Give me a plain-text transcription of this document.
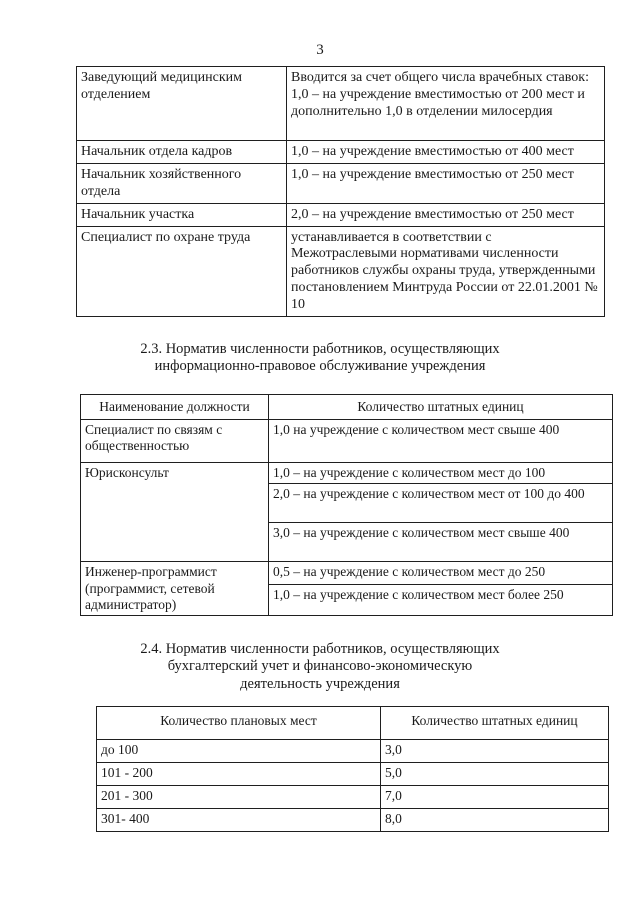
3
Заведующий медицинским отделением	Вводится за счет общего числа врачебных ставок: 1,0 – на учреждение вместимостью от 200 мест и дополнительно 1,0 в отделении милосердия
Начальник отдела кадров	1,0 – на учреждение вместимостью от 400 мест
Начальник хозяйственного отдела	1,0 – на учреждение вместимостью от 250 мест
Начальник участка	2,0 – на учреждение вместимостью от 250 мест
Специалист по охране труда	устанавливается в соответствии с Межотраслевыми нормативами численности работников службы охраны труда, утвержденными постановлением Минтруда России от 22.01.2001 № 10
2.3. Норматив численности работников, осуществляющих
информационно-правовое обслуживание учреждения
Наименование должности	Количество штатных единиц
Специалист по связям с общественностью	1,0 на учреждение с количеством мест свыше 400
Юрисконсульт	1,0 – на учреждение с количеством мест до 100
	2,0 – на учреждение с количеством мест от 100 до 400
	3,0 – на учреждение с количеством мест свыше 400
Инженер-программист (программист, сетевой администратор)	0,5 – на учреждение с количеством мест до 250
	1,0 – на учреждение с количеством мест более 250
2.4. Норматив численности работников, осуществляющих
бухгалтерский учет и финансово-экономическую
деятельность учреждения
Количество плановых мест	Количество штатных единиц
до 100	3,0
101 - 200	5,0
201 - 300	7,0
301- 400	8,0
